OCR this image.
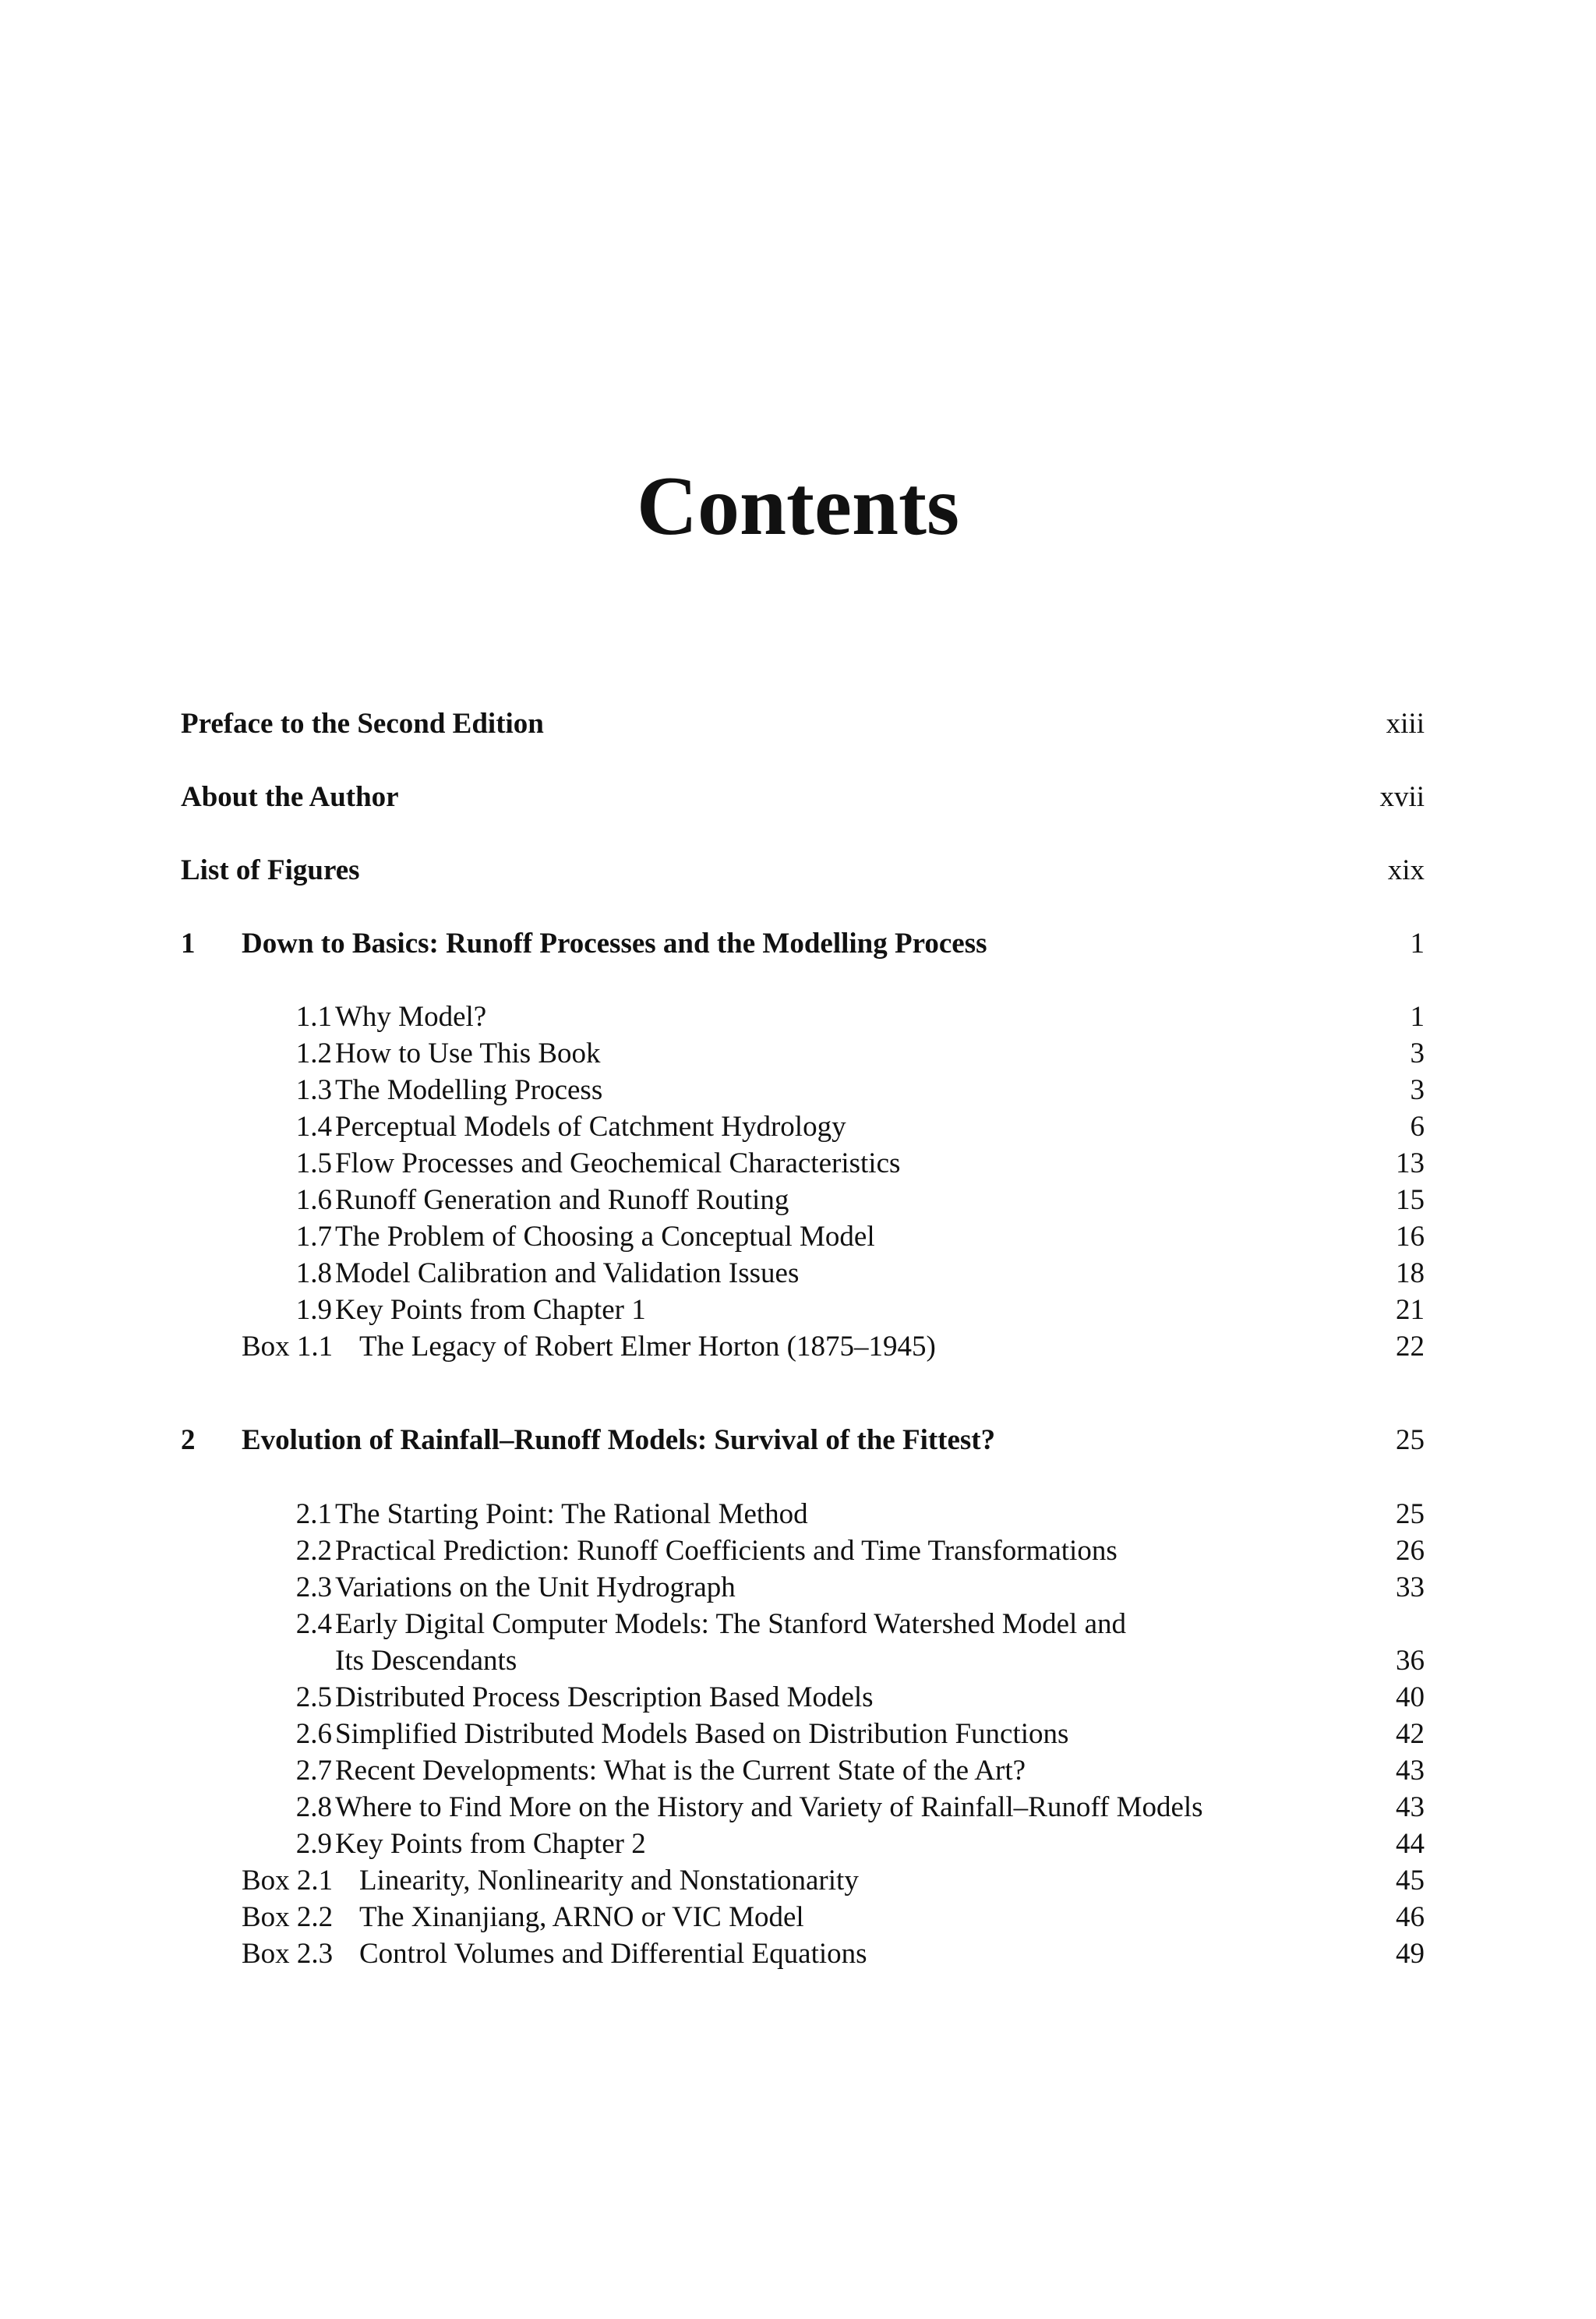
Contents
Preface to the Second Edition	xiii
About the Author	xvii
List of Figures	xix
1 Down to Basics: Runoff Processes and the Modelling Process	1
1.1 Why Model?	1
1.2 How to Use This Book	3
1.3 The Modelling Process	3
1.4 Perceptual Models of Catchment Hydrology	6
1.5 Flow Processes and Geochemical Characteristics	13
1.6 Runoff Generation and Runoff Routing	15
1.7 The Problem of Choosing a Conceptual Model	16
1.8 Model Calibration and Validation Issues	18
1.9 Key Points from Chapter 1	21
Box 1.1 The Legacy of Robert Elmer Horton (1875–1945)	22
2 Evolution of Rainfall–Runoff Models: Survival of the Fittest?	25
2.1 The Starting Point: The Rational Method	25
2.2 Practical Prediction: Runoff Coefficients and Time Transformations	26
2.3 Variations on the Unit Hydrograph	33
2.4 Early Digital Computer Models: The Stanford Watershed Model and
Its Descendants	36
2.5 Distributed Process Description Based Models	40
2.6 Simplified Distributed Models Based on Distribution Functions	42
2.7 Recent Developments: What is the Current State of the Art?	43
2.8 Where to Find More on the History and Variety of Rainfall–Runoff Models	43
2.9 Key Points from Chapter 2	44
Box 2.1 Linearity, Nonlinearity and Nonstationarity	45
Box 2.2 The Xinanjiang, ARNO or VIC Model	46
Box 2.3 Control Volumes and Differential Equations	49
